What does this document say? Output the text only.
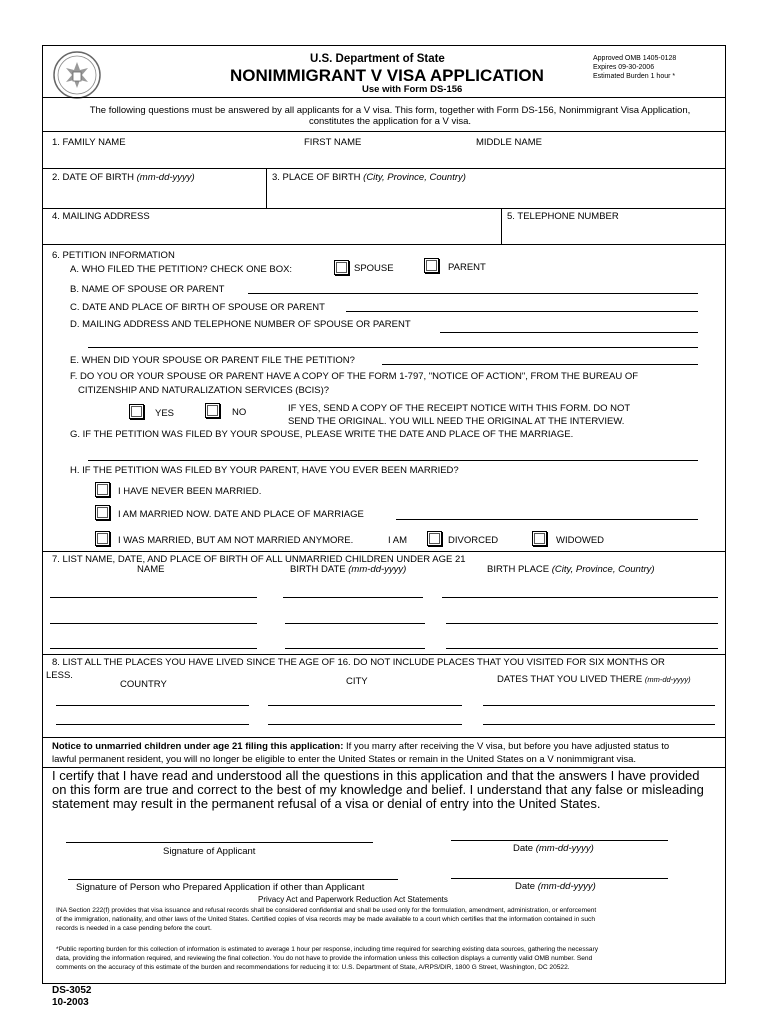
U.S. Department of State
NONIMMIGRANT V VISA APPLICATION
Use with Form DS-156
Approved OMB 1405-0128
Expires 09-30-2006
Estimated Burden 1 hour *
The following questions must be answered by all applicants for a V visa. This form, together with Form DS-156, Nonimmigrant Visa Application, constitutes the application for a V visa.
1. FAMILY NAME	FIRST NAME	MIDDLE NAME
2. DATE OF BIRTH (mm-dd-yyyy)	3. PLACE OF BIRTH (City, Province, Country)
4. MAILING ADDRESS	5. TELEPHONE NUMBER
6. PETITION INFORMATION
A. WHO FILED THE PETITION? CHECK ONE BOX:	SPOUSE	PARENT
B. NAME OF SPOUSE OR PARENT
C. DATE AND PLACE OF BIRTH OF SPOUSE OR PARENT
D. MAILING ADDRESS AND TELEPHONE NUMBER OF SPOUSE OR PARENT
E. WHEN DID YOUR SPOUSE OR PARENT FILE THE PETITION?
F. DO YOU OR YOUR SPOUSE OR PARENT HAVE A COPY OF THE FORM 1-797, "NOTICE OF ACTION", FROM THE BUREAU OF
CITIZENSHIP AND NATURALIZATION SERVICES (BCIS)?
YES	NO	IF YES, SEND A COPY OF THE RECEIPT NOTICE WITH THIS FORM. DO NOT
SEND THE ORIGINAL. YOU WILL NEED THE ORIGINAL AT THE INTERVIEW.
G. IF THE PETITION WAS FILED BY YOUR SPOUSE, PLEASE WRITE THE DATE AND PLACE OF THE MARRIAGE.
H. IF THE PETITION WAS FILED BY YOUR PARENT, HAVE YOU EVER BEEN MARRIED?
I HAVE NEVER BEEN MARRIED.
I AM MARRIED NOW. DATE AND PLACE OF MARRIAGE
I WAS MARRIED, BUT AM NOT MARRIED ANYMORE.	I AM	DIVORCED	WIDOWED
7. LIST NAME, DATE, AND PLACE OF BIRTH OF ALL UNMARRIED CHILDREN UNDER AGE 21
NAME	BIRTH DATE (mm-dd-yyyy)	BIRTH PLACE (City, Province, Country)
8. LIST ALL THE PLACES YOU HAVE LIVED SINCE THE AGE OF 16. DO NOT INCLUDE PLACES THAT YOU VISITED FOR SIX MONTHS OR
LESS.
COUNTRY	CITY	DATES THAT YOU LIVED THERE (mm-dd-yyyy)
Notice to unmarried children under age 21 filing this application: If you marry after receiving the V visa, but before you have adjusted status to
lawful permanent resident, you will no longer be eligible to enter the United States or remain in the United States on a V nonimmigrant visa.
I certify that I have read and understood all the questions in this application and that the answers I have provided
on this form are true and correct to the best of my knowledge and belief. I understand that any false or misleading
statement may result in the permanent refusal of a visa or denial of entry into the United States.
Signature of Applicant	Date (mm-dd-yyyy)
Signature of Person who Prepared Application if other than Applicant	Date (mm-dd-yyyy)
Privacy Act and Paperwork Reduction Act Statements
INA Section 222(f) provides that visa issuance and refusal records shall be considered confidential and shall be used only for the formulation, amendment, administration, or enforcement
of the immigration, nationality, and other laws of the United States. Certified copies of visa records may be made available to a court which certifies that the information contained in such
records is needed in a case pending before the court.
*Public reporting burden for this collection of information is estimated to average 1 hour per response, including time required for searching existing data sources, gathering the necessary
data, providing the information required, and reviewing the final collection. You do not have to provide the information unless this collection displays a currently valid OMB number. Send
comments on the accuracy of this estimate of the burden and recommendations for reducing it to: U.S. Department of State, A/RPS/DIR, 1800 G Street, Washington, DC 20522.
DS-3052
10-2003
